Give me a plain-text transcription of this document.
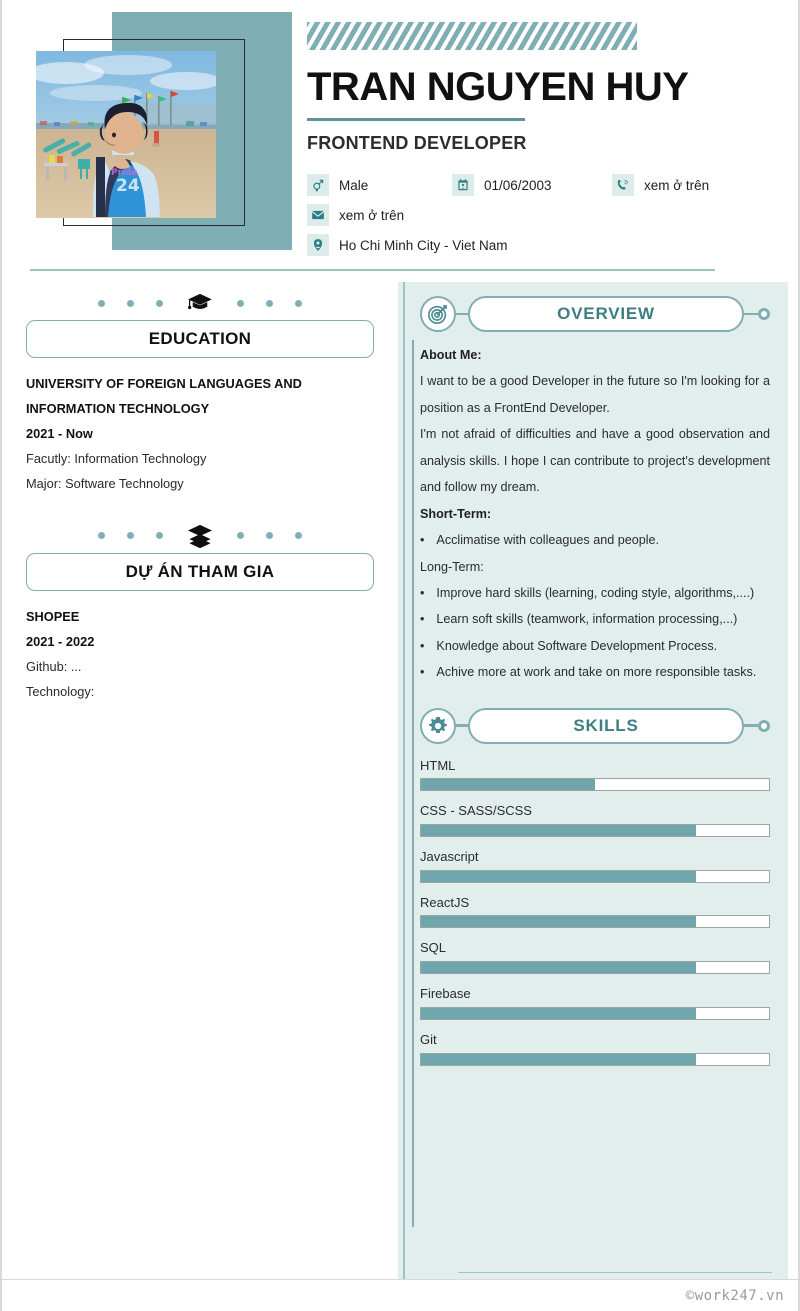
24
Pride
TRAN NGUYEN HUY
FRONTEND DEVELOPER
Male	01/06/2003	xem ở trên
xem ở trên
Ho Chi Minh City - Viet Nam
EDUCATION
UNIVERSITY OF FOREIGN LANGUAGES AND INFORMATION TECHNOLOGY
2021 - Now
Facutly: Information Technology
Major: Software Technology
DỰ ÁN THAM GIA
SHOPEE
2021 - 2022
Github: ...
Technology:
OVERVIEW
About Me:
I want to be a good Developer in the future so I'm looking for a position as a FrontEnd Developer.
I'm not afraid of difficulties and have a good observation and analysis skills. I hope I can contribute to project's development and follow my dream.
Short-Term:
• Acclimatise with colleagues and people.
Long-Term:
• Improve hard skills (learning, coding style, algorithms,....)
• Learn soft skills (teamwork, information processing,...)
• Knowledge about Software Development Process.
• Achive more at work and take on more responsible tasks.
SKILLS
HTML
CSS - SASS/SCSS
Javascript
ReactJS
SQL
Firebase
Git
©work247.vn
